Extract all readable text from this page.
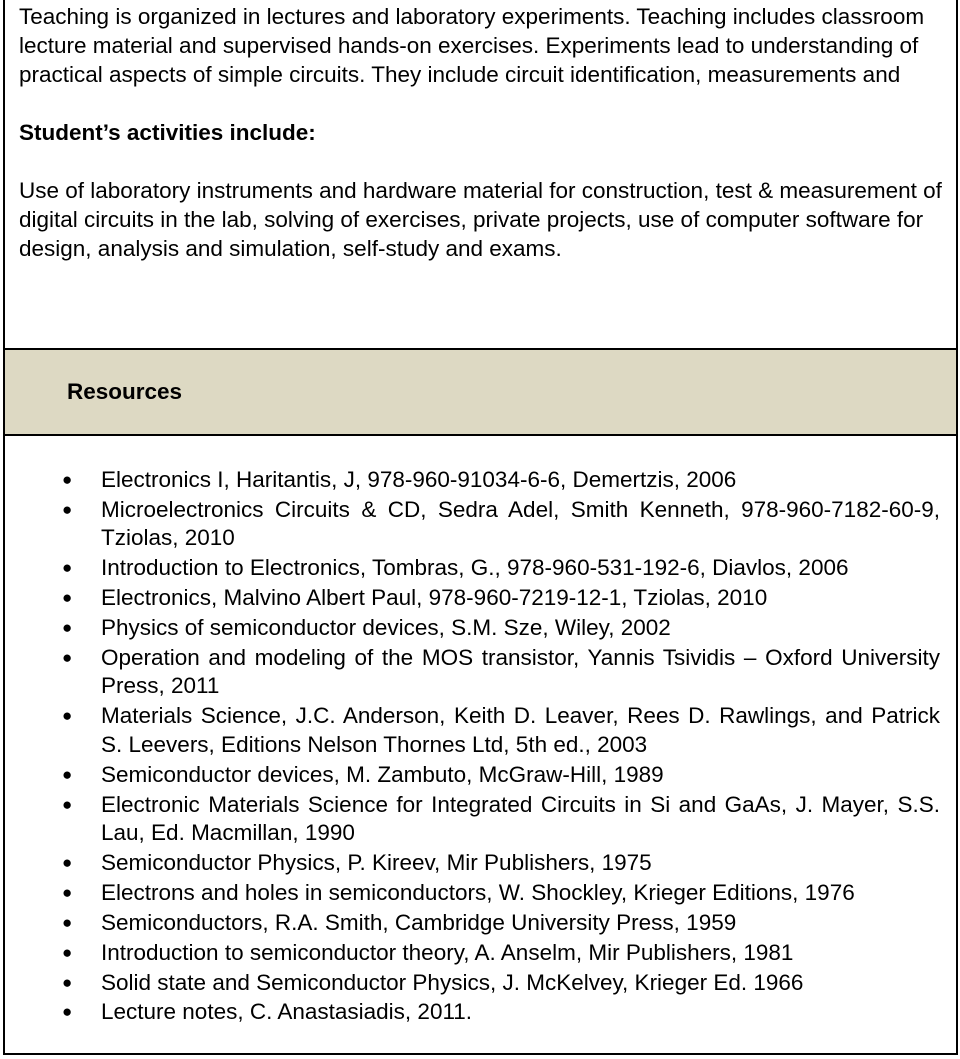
Teaching is organized in lectures and laboratory experiments. Teaching includes classroom lecture material and supervised hands-on exercises. Experiments lead to understanding of practical aspects of simple circuits. They include circuit identification, measurements and

Student’s activities include:

Use of laboratory instruments and hardware material for construction, test & measurement of digital circuits in the lab, solving of exercises, private projects, use of computer software for design, analysis and simulation, self-study and exams.

Resources
● Electronics I, Haritantis, J, 978-960-91034-6-6, Demertzis, 2006
● Microelectronics Circuits & CD, Sedra Adel, Smith Kenneth, 978-960-7182-60-9, Tziolas, 2010
● Introduction to Electronics, Tombras, G., 978-960-531-192-6, Diavlos, 2006
● Electronics, Malvino Albert Paul, 978-960-7219-12-1, Tziolas, 2010
● Physics of semiconductor devices, S.M. Sze, Wiley, 2002
● Operation and modeling of the MOS transistor, Yannis Tsividis – Oxford University Press, 2011
● Materials Science, J.C. Anderson, Keith D. Leaver, Rees D. Rawlings, and Patrick S. Leevers, Editions Nelson Thornes Ltd, 5th ed., 2003
● Semiconductor devices, M. Zambuto, McGraw-Hill, 1989
● Electronic Materials Science for Integrated Circuits in Si and GaAs, J. Mayer, S.S. Lau, Ed. Macmillan, 1990
● Semiconductor Physics, P. Kireev, Mir Publishers, 1975
● Electrons and holes in semiconductors, W. Shockley, Krieger Editions, 1976
● Semiconductors, R.A. Smith, Cambridge University Press, 1959
● Introduction to semiconductor theory, A. Anselm, Mir Publishers, 1981
● Solid state and Semiconductor Physics, J. McKelvey, Krieger Ed. 1966
● Lecture notes, C. Anastasiadis, 2011.
